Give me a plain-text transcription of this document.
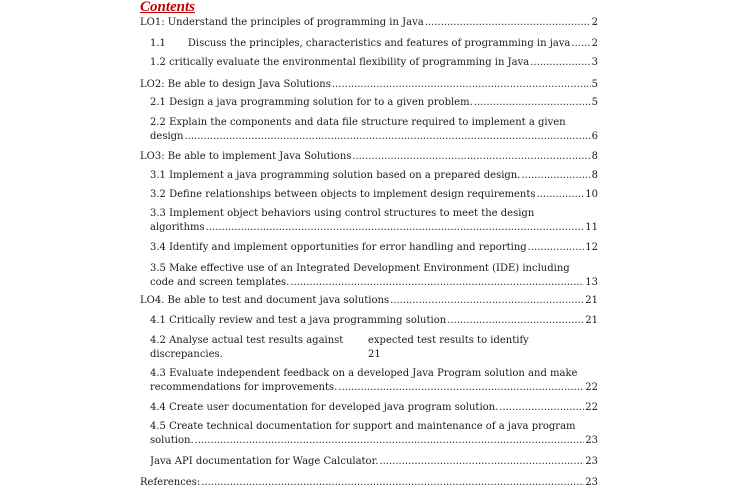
Contents
LO1: Understand the principles of programming in Java .....	2
1.1 Discuss the principles, characteristics and features of programming in java ..... 2
1.2 critically evaluate the environmental flexibility of programming in Java .....	3
LO2: Be able to design Java Solutions .....	5
2.1 Design a java programming solution for to a given problem. .....	5
2.2 Explain the components and data file structure required to implement a given
design .....	6
LO3: Be able to implement Java Solutions .....	8
3.1 Implement a java programming solution based on a prepared design. .....	8
3.2 Define relationships between objects to implement design requirements .....	10
3.3 Implement object behaviors using control structures to meet the design
algorithms .....	11
3.4 Identify and implement opportunities for error handling and reporting .....	12
3.5 Make effective use of an Integrated Development Environment (IDE) including
code and screen templates. .....	13
LO4. Be able to test and document java solutions .....	21
4.1 Critically review and test a java programming solution .....	21
4.2 Analyse actual test results against expected test results to identify
discrepancies.	21
4.3 Evaluate independent feedback on a developed Java Program solution and make
recommendations for improvements. .....	22
4.4 Create user documentation for developed java program solution. .....	22
4.5 Create technical documentation for support and maintenance of a java program
solution. .....	23
Java API documentation for Wage Calculator. .....	23
References: .....	23
